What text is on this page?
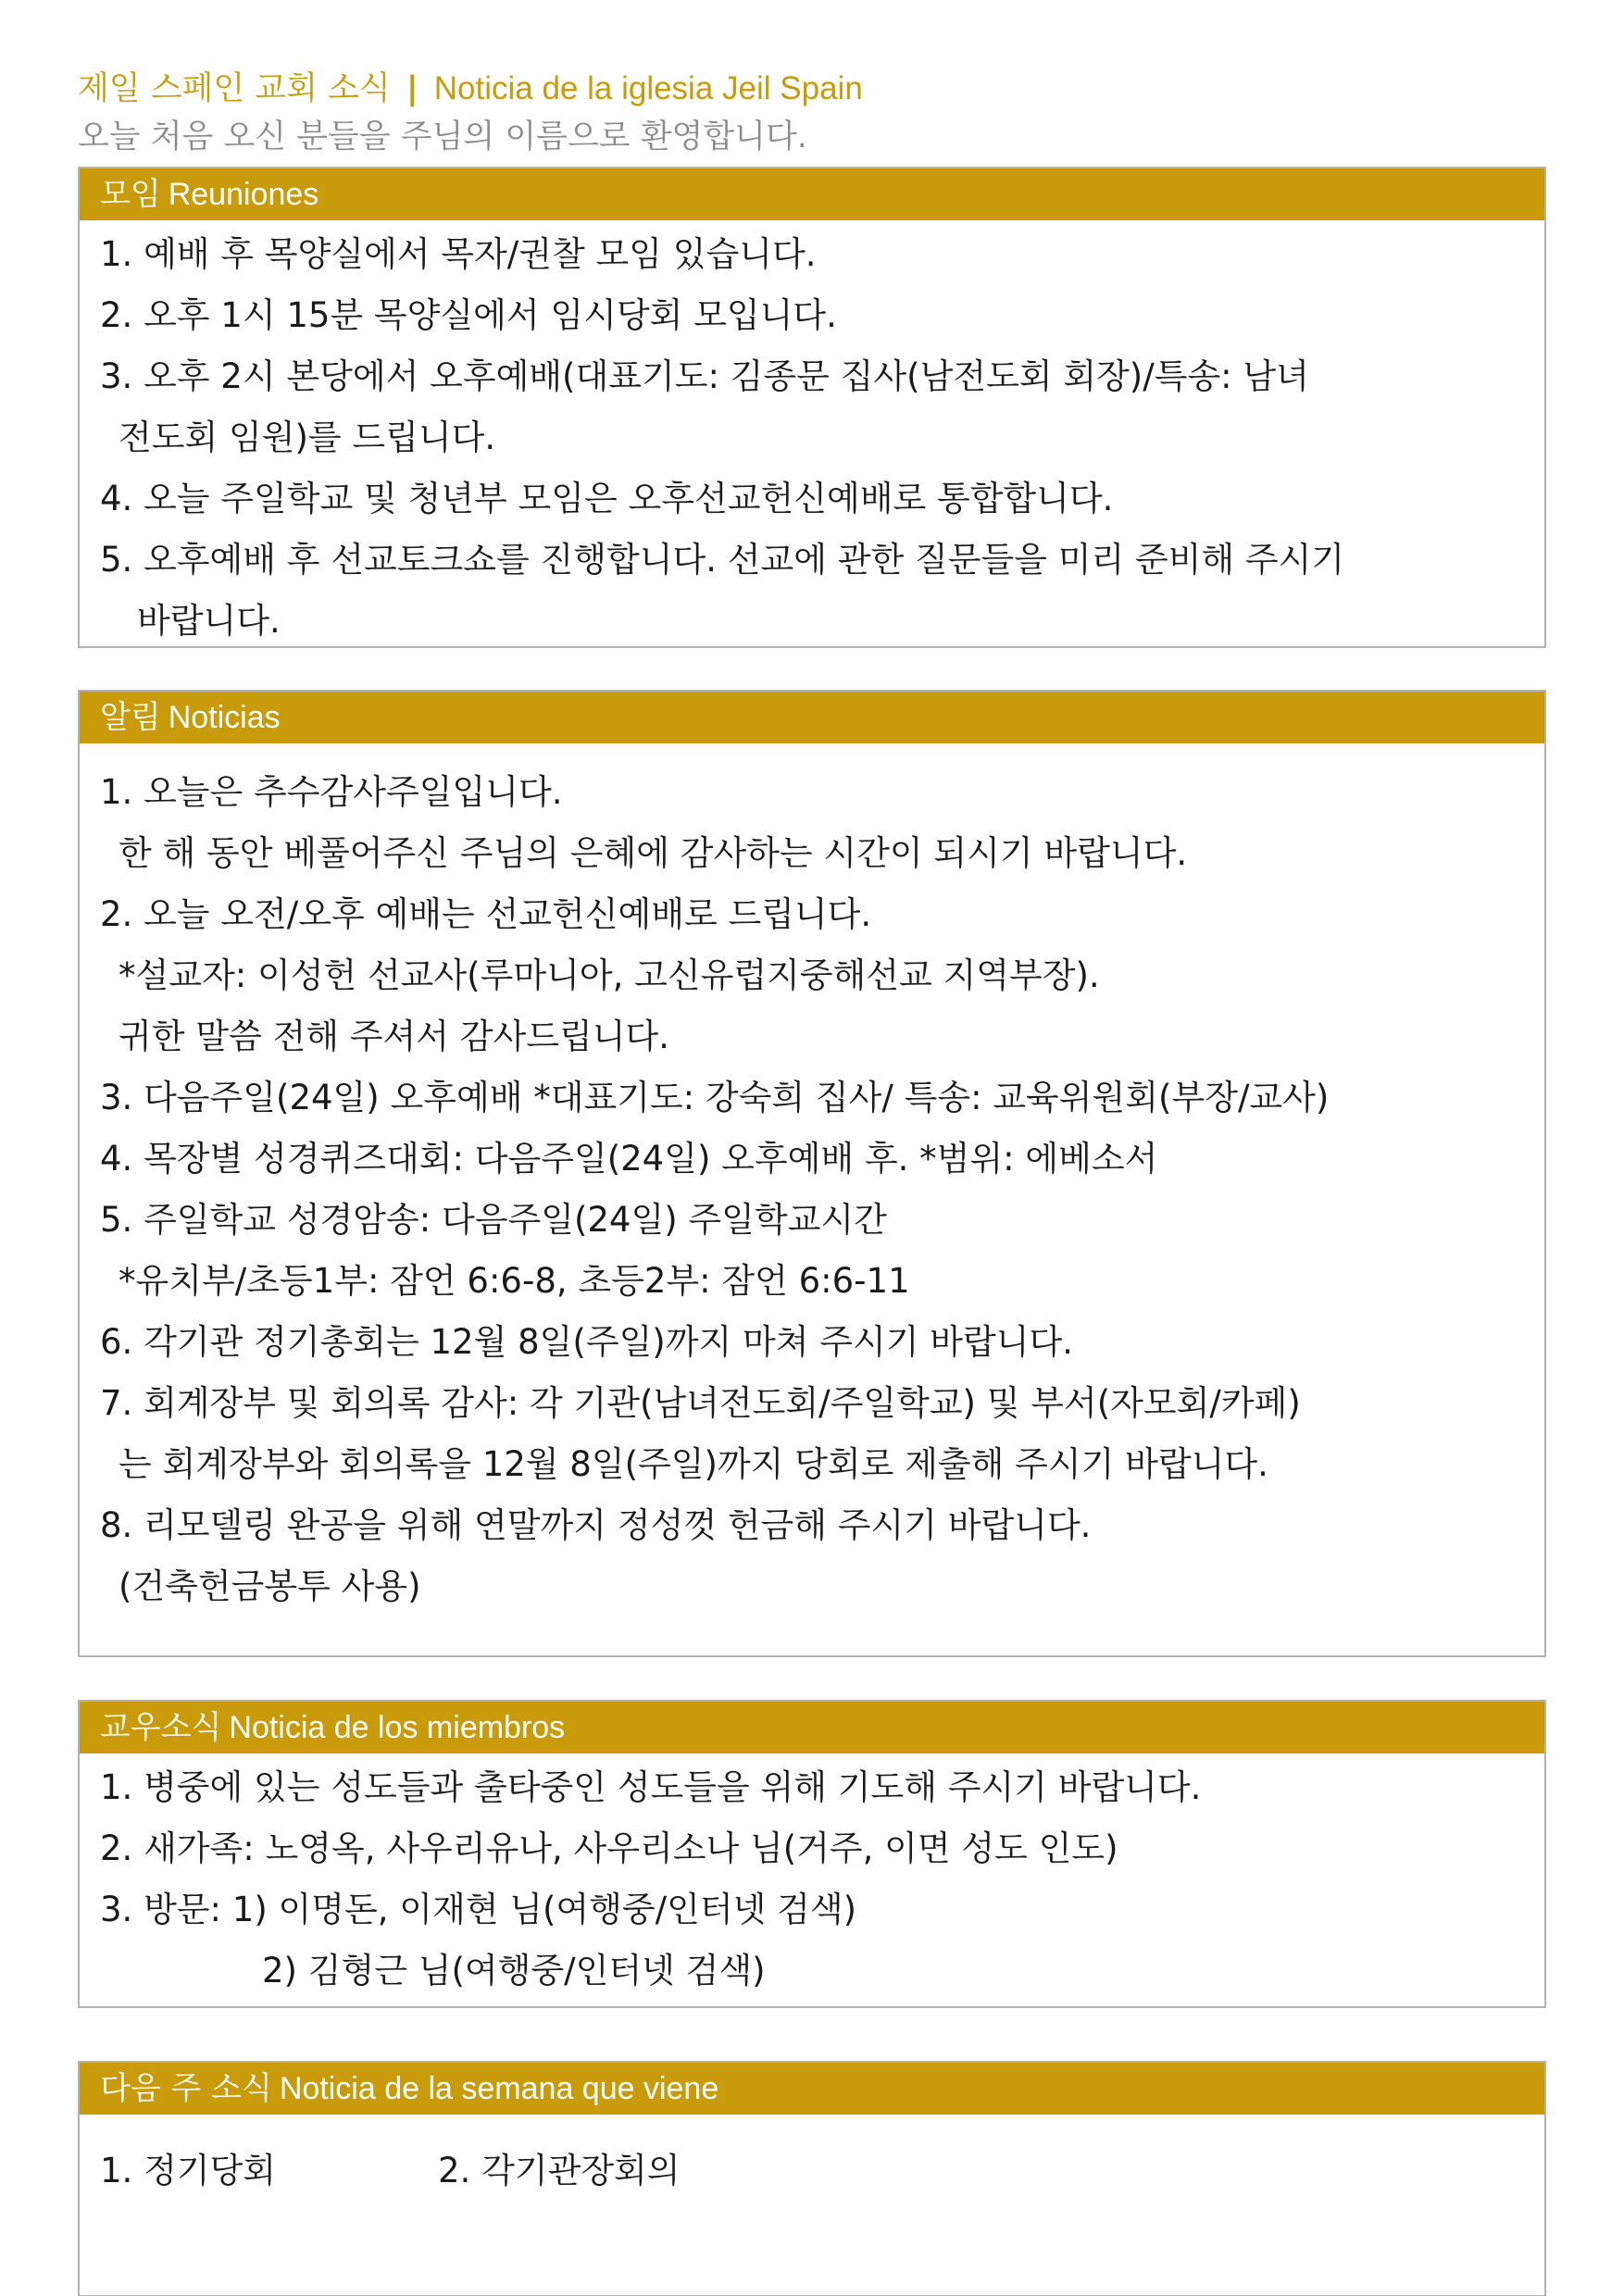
제일 스페인 교회 소식 | Noticia de la iglesia Jeil Spain
오늘 처음 오신 분들을 주님의 이름으로 환영합니다.
모임 Reuniones
1. 예배 후 목양실에서 목자/권찰 모임 있습니다.
2. 오후 1시 15분 목양실에서 임시당회 모입니다.
3. 오후 2시 본당에서 오후예배(대표기도: 김종문 집사(남전도회 회장)/특송: 남녀
전도회 임원)를 드립니다.
4. 오늘 주일학교 및 청년부 모임은 오후선교헌신예배로 통합합니다.
5. 오후예배 후 선교토크쇼를 진행합니다. 선교에 관한 질문들을 미리 준비해 주시기
바랍니다.
알림 Noticias
1. 오늘은 추수감사주일입니다.
한 해 동안 베풀어주신 주님의 은혜에 감사하는 시간이 되시기 바랍니다.
2. 오늘 오전/오후 예배는 선교헌신예배로 드립니다.
*설교자: 이성헌 선교사(루마니아, 고신유럽지중해선교 지역부장).
귀한 말씀 전해 주셔서 감사드립니다.
3. 다음주일(24일) 오후예배 *대표기도: 강숙희 집사/ 특송: 교육위원회(부장/교사)
4. 목장별 성경퀴즈대회: 다음주일(24일) 오후예배 후. *범위: 에베소서
5. 주일학교 성경암송: 다음주일(24일) 주일학교시간
*유치부/초등1부: 잠언 6:6-8, 초등2부: 잠언 6:6-11
6. 각기관 정기총회는 12월 8일(주일)까지 마쳐 주시기 바랍니다.
7. 회계장부 및 회의록 감사: 각 기관(남녀전도회/주일학교) 및 부서(자모회/카페)
는 회계장부와 회의록을 12월 8일(주일)까지 당회로 제출해 주시기 바랍니다.
8. 리모델링 완공을 위해 연말까지 정성껏 헌금해 주시기 바랍니다.
(건축헌금봉투 사용)
교우소식 Noticia de los miembros
1. 병중에 있는 성도들과 출타중인 성도들을 위해 기도해 주시기 바랍니다.
2. 새가족: 노영옥, 사우리유나, 사우리소나 님(거주, 이면 성도 인도)
3. 방문: 1) 이명돈, 이재현 님(여행중/인터넷 검색)
2) 김형근 님(여행중/인터넷 검색)
다음 주 소식 Noticia de la semana que viene
1. 정기당회	2. 각기관장회의
